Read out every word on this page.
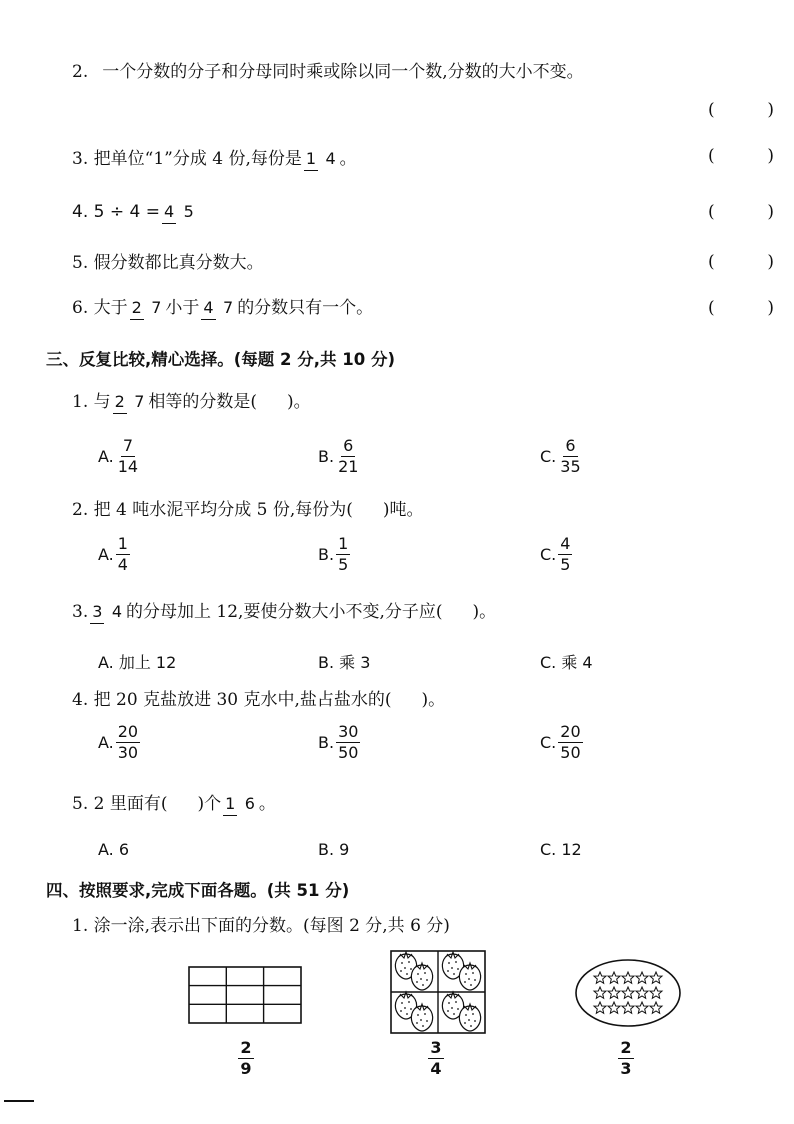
2. 一个分数的分子和分母同时乘或除以同一个数,分数的大小不变。
(	)
3. 把单位“1”分成 4 份,每份是 1 4 。	(	)
4. 5 ÷ 4 = 4 5	(	)
5. 假分数都比真分数大。	(	)
6. 大于 2 7 小于 4 7 的分数只有一个。	(	)
三、反复比较,精心选择。(每题 2 分,共 10 分)
1. 与 2 7 相等的分数是( )。
A. $\frac{7}{14}$	B. $\frac{6}{21}$	C. $\frac{6}{35}$
2. 把 4 吨水泥平均分成 5 份,每份为( )吨。
A. $\frac{1}{4}$	B. $\frac{1}{5}$	C. $\frac{4}{5}$
3. 3 4 的分母加上 12,要使分数大小不变,分子应( )。
A. 加上 12	B. 乘 3	C. 乘 4
4. 把 20 克盐放进 30 克水中,盐占盐水的( )。
A. $\frac{20}{30}$	B. $\frac{30}{50}$	C. $\frac{20}{50}$
5. 2 里面有( )个 1 6 。
A. 6	B. 9	C. 12
四、按照要求,完成下面各题。(共 51 分)
1. 涂一涂,表示出下面的分数。(每图 2 分,共 6 分)
$\frac{2}{9}$	$\frac{3}{4}$	$\frac{2}{3}$
